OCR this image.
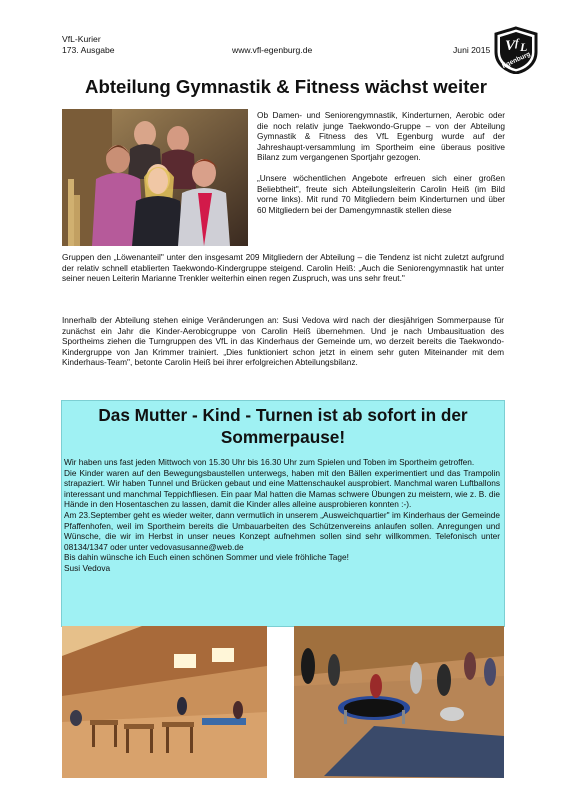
VfL-Kurier
173. Ausgabe	www.vfl-egenburg.de	Juni 2015 V f L
Egenburg
Abteilung Gymnastik & Fitness wächst weiter

Ob Damen- und Seniorengymnastik, Kinderturnen, Aerobic oder die noch relativ junge Taekwondo-Gruppe – von der Abteilung Gymnastik & Fitness des VfL Egenburg wurde auf der Jahreshaupt-versammlung im Sportheim eine überaus positive Bilanz zum vergangenen Sportjahr gezogen.

„Unsere wöchentlichen Angebote erfreuen sich einer großen Beliebtheit", freute sich Abteilungsleiterin Carolin Heiß (im Bild vorne links). Mit rund 70 Mitgliedern beim Kinderturnen und über 60 Mitgliedern bei der Damengymnastik stellen diese

Gruppen den „Löwenanteil" unter den insgesamt 209 Mitgliedern der Abteilung – die Tendenz ist nicht zuletzt aufgrund der relativ schnell etablierten Taekwondo-Kindergruppe steigend. Carolin Heiß: „Auch die Seniorengymnastik hat unter seiner neuen Leiterin Marianne Trenkler weiterhin einen regen Zuspruch, was uns sehr freut."

Innerhalb der Abteilung stehen einige Veränderungen an: Susi Vedova wird nach der diesjährigen Sommerpause für zunächst ein Jahr die Kinder-Aerobicgruppe von Carolin Heiß übernehmen. Und je nach Umbausituation des Sportheims ziehen die Turngruppen des VfL in das Kinderhaus der Gemeinde um, wo derzeit bereits die Taekwondo-Kindergruppe von Jan Krimmer trainiert. „Dies funktioniert schon jetzt in einem sehr guten Miteinander mit dem Kinderhaus-Team", betonte Carolin Heiß bei ihrer erfolgreichen Abteilungsbilanz.

Das Mutter - Kind - Turnen ist ab sofort in der Sommerpause!

Wir haben uns fast jeden Mittwoch von 15.30 Uhr bis 16.30 Uhr zum Spielen und Toben im Sportheim getroffen.

Die Kinder waren auf den Bewegungsbaustellen unterwegs, haben mit den Bällen experimentiert und das Trampolin strapaziert. Wir haben Tunnel und Brücken gebaut und eine Mattenschaukel ausprobiert. Manchmal waren Luftballons interessant und manchmal Teppichfliesen. Ein paar Mal hatten die Mamas schwere Übungen zu meistern, wie z. B. die Hände in den Hosentaschen zu lassen, damit die Kinder alles alleine ausprobieren konnten :-).

Am 23.September geht es wieder weiter, dann vermutlich in unserem „Ausweichquartier" im Kinderhaus der Gemeinde Pfaffenhofen, weil im Sportheim bereits die Umbauarbeiten des Schützenvereins anlaufen sollen. Anregungen und Wünsche, die wir im Herbst in unser neues Konzept aufnehmen sollen sind sehr willkommen. Telefonisch unter 08134/1347 oder unter vedovasusanne@web.de

Bis dahin wünsche ich Euch einen schönen Sommer und viele fröhliche Tage!

Susi Vedova
